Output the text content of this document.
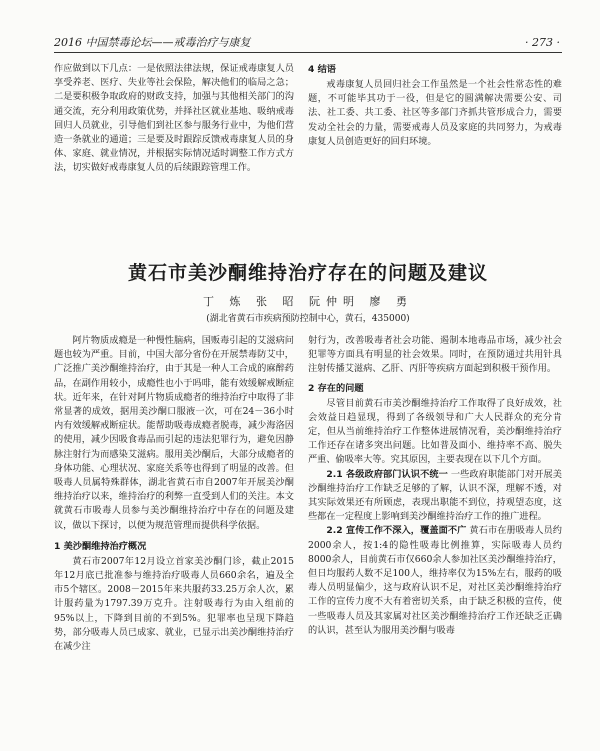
2016 中国禁毒论坛——戒毒治疗与康复	· 273 ·

作应做到以下几点：一是依照法律法规，保证戒毒康复人员享受养老、医疗、失业等社会保险，解决他们的临局之急；二是要积极争取政府的财政支持，加强与其他相关部门的沟通交流，充分利用政策优势，并择社区就业基地、吸纳戒毒回归人员就业，引导他们到社区参与服务行业中，为他们营造一条就业的通道；三是要及时跟踪反馈戒毒康复人员的身体、家庭、就业情况，并根据实际情况适时调整工作方式方法，切实做好戒毒康复人员的后续跟踪管理工作。

4 结语

戒毒康复人员回归社会工作虽然是一个社会性常态性的难题，不可能毕其功于一役，但是它的圆满解决需要公安、司法、社工委、共工委、社区等多部门齐抓共管形成合力，需要发动全社会的力量，需要戒毒人员及家庭的共同努力，为戒毒康复人员创造更好的回归环境。

黄石市美沙酮维持治疗存在的问题及建议
丁 炼 张 昭 阮仲明 廖 勇
(湖北省黄石市疾病预防控制中心，黄石，435000)

阿片物质成瘾是一种慢性脑病，国贩毒引起的艾滋病问题也较为严重。目前，中国大部分省份在开展禁毒防艾中，广泛推广美沙酮维持治疗，由于其是一种人工合成的麻醉药品，在副作用较小，成瘾性也小于吗啡，能有效缓解戒断症状。近年来，在针对阿片物质成瘾者的维持治疗中取得了非常显著的成效，据用美沙酮口服液一次，可在24－36小时内有效缓解戒断症状。能帮助吸毒成瘾者脱毒，减少海洛因的使用，减少因吸食毒品而引起的违法犯罪行为，避免因静脉注射行为而感染艾滋病。服用美沙酮后，大部分成瘾者的身体功能、心理状况、家庭关系等也得到了明显的改善。但吸毒人员属特殊群体，湖北省黄石市自2007年开展美沙酮维持治疗以来，维持治疗的利弊一直受到人们的关注。本文就黄石市吸毒人员参与美沙酮维持治疗中存在的问题及建议，做以下探讨，以便为规范管理而提供科学依据。

1 美沙酮维持治疗概况

黄石市2007年12月设立首家美沙酮门诊，截止2015年12月底已批准参与维持治疗吸毒人员660余名，遍及全市5个辖区。2008－2015年来共服药33.25万余人次，累计服药量为1797.39万克升。注射吸毒行为由入组前的95%以上，下降到目前的不到5%。犯罪率也呈现下降趋势，部分吸毒人员已成家、就业，已显示出美沙酮维持治疗在减少注

射行为，改善吸毒者社会功能、遏制本地毒品市场，减少社会犯罪等方面具有明显的社会效果。同时，在预防通过共用针具注射传播艾滋病、乙肝、丙肝等疾病方面起到积极干预作用。

2 存在的问题

尽管目前黄石市美沙酮维持治疗工作取得了良好成效，社会效益日趋显现，得到了各级领导和广大人民群众的充分肯定，但从当前维持治疗工作整体进展情况看，美沙酮维持治疗工作还存在诸多突出问题。比如普及面小、维持率不高、脱失严重、偷吸率大等。究其原因，主要表现在以下几个方面。

2.1 各级政府部门认识不统一 一些政府职能部门对开展美沙酮维持治疗工作缺乏足够的了解，认识不深，理解不透，对其实际效果还有所顾虑，表现出职能不到位，持观望态度，这些都在一定程度上影响到美沙酮维持治疗工作的推广进程。

2.2 宣传工作不深入，覆盖面不广 黄石市在册吸毒人员约2000余人，按1:4的隐性吸毒比例推算，实际吸毒人员约8000余人，目前黄石市仅660余人参加社区美沙酮维持治疗，但日均服药人数不足100人，维持率仅为15%左右，服药的吸毒人员明显偏少，这与政府认识不足，对社区美沙酮维持治疗工作的宣传力度不大有着密切关系，由于缺乏积极的宣传，使一些吸毒人员及其家属对社区美沙酮维持治疗工作还缺乏正确的认识，甚至认为服用美沙酮与吸毒
